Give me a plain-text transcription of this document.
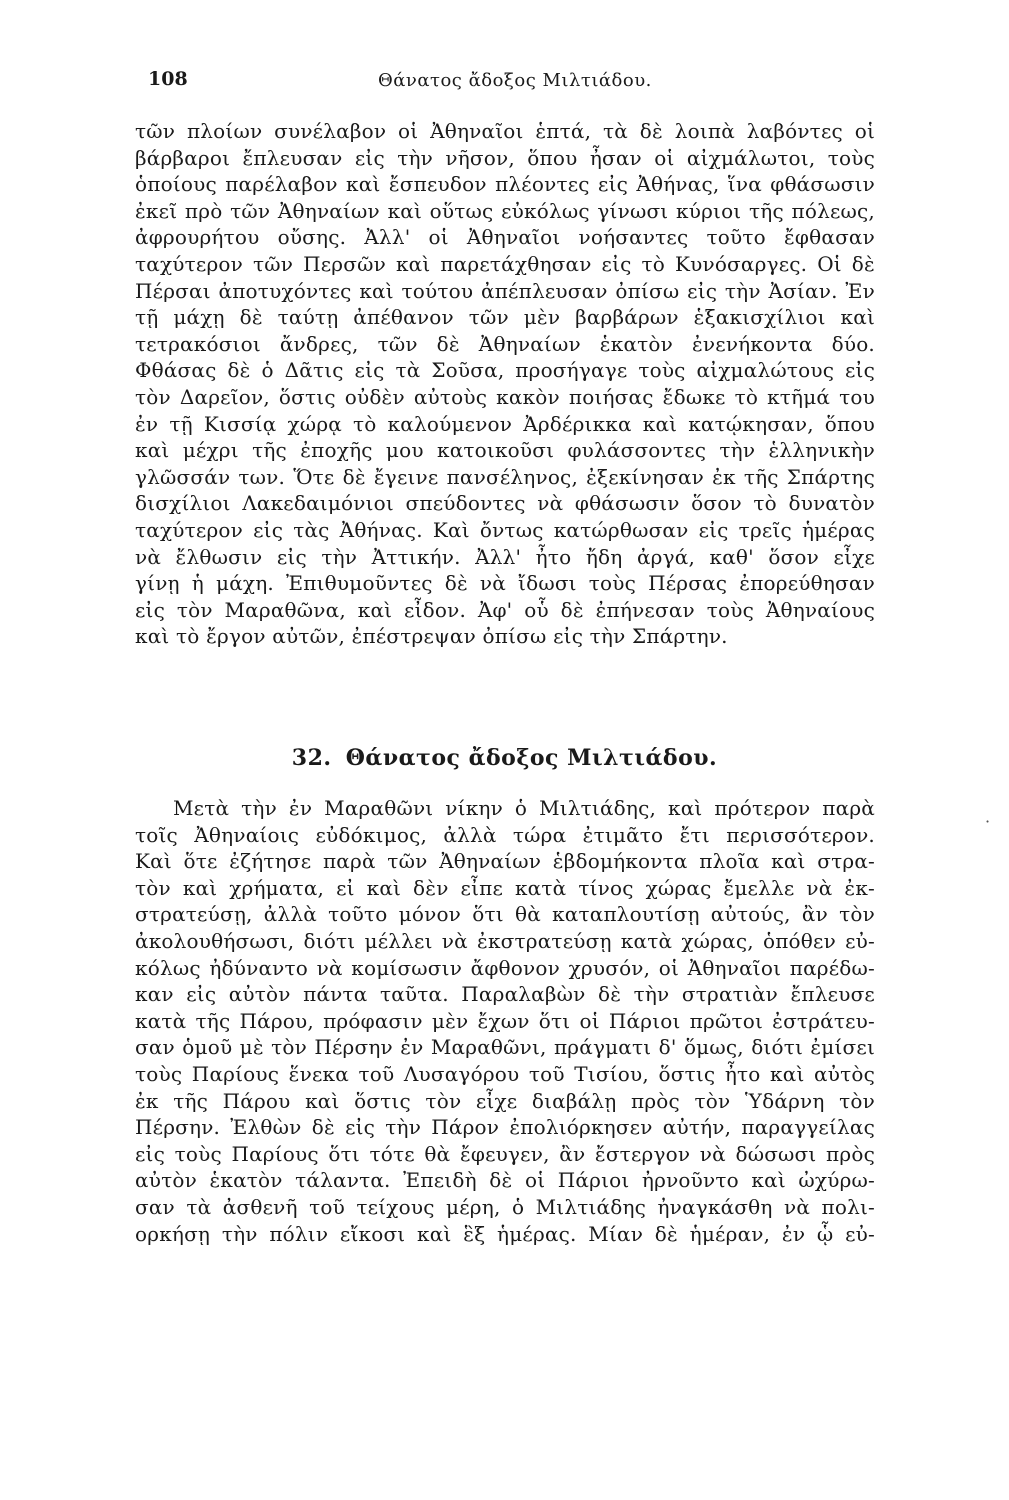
108	Θάνατος ἄδοξος Μιλτιάδου.
τῶν πλοίων συνέλαβον οἱ Ἀθηναῖοι ἑπτά, τὰ δὲ λοιπὰ λαβόντες οἱ
βάρβαροι ἔπλευσαν εἰς τὴν νῆσον, ὅπου ἦσαν οἱ αἰχμάλωτοι, τοὺς
ὁποίους παρέλαβον καὶ ἔσπευδον πλέοντες εἰς Ἀθήνας, ἵνα φθάσωσιν
ἐκεῖ πρὸ τῶν Ἀθηναίων καὶ οὕτως εὐκόλως γίνωσι κύριοι τῆς πόλεως,
ἀφρουρήτου οὔσης. Ἀλλ' οἱ Ἀθηναῖοι νοήσαντες τοῦτο ἔφθασαν
ταχύτερον τῶν Περσῶν καὶ παρετάχθησαν εἰς τὸ Κυνόσαργες. Οἱ δὲ
Πέρσαι ἀποτυχόντες καὶ τούτου ἀπέπλευσαν ὀπίσω εἰς τὴν Ἀσίαν. Ἐν
τῇ μάχῃ δὲ ταύτῃ ἀπέθανον τῶν μὲν βαρβάρων ἑξακισχίλιοι καὶ
τετρακόσιοι ἄνδρες, τῶν δὲ Ἀθηναίων ἑκατὸν ἐνενήκοντα δύο.
Φθάσας δὲ ὁ Δᾶτις εἰς τὰ Σοῦσα, προσήγαγε τοὺς αἰχμαλώτους εἰς
τὸν Δαρεῖον, ὅστις οὐδὲν αὐτοὺς κακὸν ποιήσας ἔδωκε τὸ κτῆμά του
ἐν τῇ Κισσίᾳ χώρᾳ τὸ καλούμενον Ἀρδέρικκα καὶ κατῴκησαν, ὅπου
καὶ μέχρι τῆς ἐποχῆς μου κατοικοῦσι φυλάσσοντες τὴν ἑλληνικὴν
γλῶσσάν των. Ὅτε δὲ ἔγεινε πανσέληνος, ἐξεκίνησαν ἐκ τῆς Σπάρτης
δισχίλιοι Λακεδαιμόνιοι σπεύδοντες νὰ φθάσωσιν ὅσον τὸ δυνατὸν
ταχύτερον εἰς τὰς Ἀθήνας. Καὶ ὄντως κατώρθωσαν εἰς τρεῖς ἡμέρας
νὰ ἔλθωσιν εἰς τὴν Ἀττικήν. Ἀλλ' ἦτο ἤδη ἀργά, καθ' ὅσον εἶχε
γίνῃ ἡ μάχη. Ἐπιθυμοῦντες δὲ νὰ ἴδωσι τοὺς Πέρσας ἐπορεύθησαν
εἰς τὸν Μαραθῶνα, καὶ εἶδον. Ἀφ' οὗ δὲ ἐπήνεσαν τοὺς Ἀθηναίους
καὶ τὸ ἔργον αὐτῶν, ἐπέστρεψαν ὀπίσω εἰς τὴν Σπάρτην.
32. Θάνατος ἄδοξος Μιλτιάδου.
Μετὰ τὴν ἐν Μαραθῶνι νίκην ὁ Μιλτιάδης, καὶ πρότερον παρὰ
τοῖς Ἀθηναίοις εὐδόκιμος, ἀλλὰ τώρα ἐτιμᾶτο ἔτι περισσότερον.
Καὶ ὅτε ἐζήτησε παρὰ τῶν Ἀθηναίων ἑβδομήκοντα πλοῖα καὶ στρα-
τὸν καὶ χρήματα, εἰ καὶ δὲν εἶπε κατὰ τίνος χώρας ἔμελλε νὰ ἐκ-
στρατεύσῃ, ἀλλὰ τοῦτο μόνον ὅτι θὰ καταπλουτίσῃ αὐτούς, ἂν τὸν
ἀκολουθήσωσι, διότι μέλλει νὰ ἐκστρατεύσῃ κατὰ χώρας, ὁπόθεν εὐ-
κόλως ἠδύναντο νὰ κομίσωσιν ἄφθονον χρυσόν, οἱ Ἀθηναῖοι παρέδω-
καν εἰς αὐτὸν πάντα ταῦτα. Παραλαβὼν δὲ τὴν στρατιὰν ἔπλευσε
κατὰ τῆς Πάρου, πρόφασιν μὲν ἔχων ὅτι οἱ Πάριοι πρῶτοι ἐστράτευ-
σαν ὁμοῦ μὲ τὸν Πέρσην ἐν Μαραθῶνι, πράγματι δ' ὅμως, διότι ἐμίσει
τοὺς Παρίους ἕνεκα τοῦ Λυσαγόρου τοῦ Τισίου, ὅστις ἦτο καὶ αὐτὸς
ἐκ τῆς Πάρου καὶ ὅστις τὸν εἶχε διαβάλῃ πρὸς τὸν Ὑδάρνη τὸν
Πέρσην. Ἐλθὼν δὲ εἰς τὴν Πάρον ἐπολιόρκησεν αὐτήν, παραγγείλας
εἰς τοὺς Παρίους ὅτι τότε θὰ ἔφευγεν, ἂν ἔστεργον νὰ δώσωσι πρὸς
αὐτὸν ἑκατὸν τάλαντα. Ἐπειδὴ δὲ οἱ Πάριοι ἠρνοῦντο καὶ ὠχύρω-
σαν τὰ ἀσθενῆ τοῦ τείχους μέρη, ὁ Μιλτιάδης ἠναγκάσθη νὰ πολι-
ορκήσῃ τὴν πόλιν εἴκοσι καὶ ἓξ ἡμέρας. Μίαν δὲ ἡμέραν, ἐν ᾧ εὐ-
·
